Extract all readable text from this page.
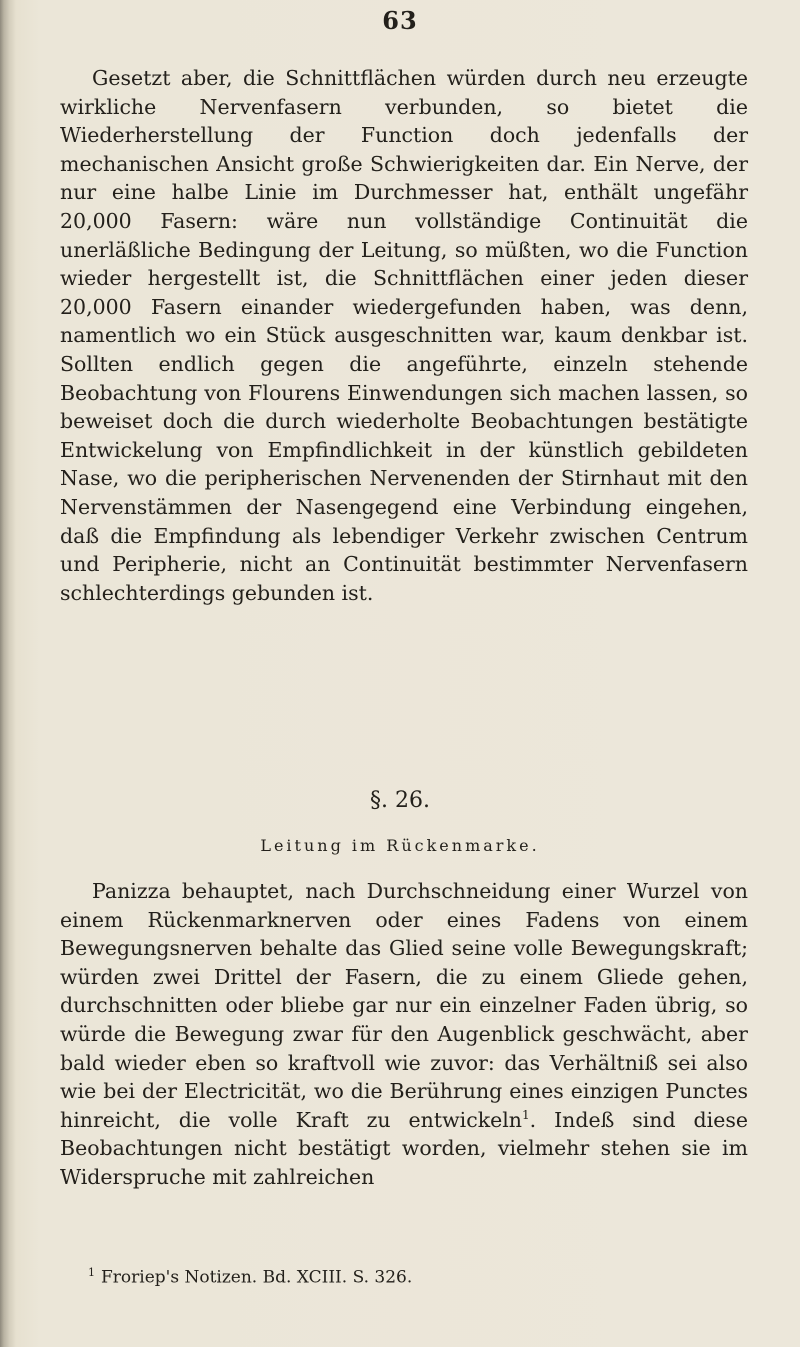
63

Gesetzt aber, die Schnittflächen würden durch neu erzeugte wirkliche Nervenfasern verbunden, so bietet die Wiederherstellung der Function doch jedenfalls der mechanischen Ansicht große Schwierigkeiten dar. Ein Nerve, der nur eine halbe Linie im Durchmesser hat, enthält ungefähr 20,000 Fasern: wäre nun vollständige Continuität die unerläßliche Bedingung der Leitung, so müßten, wo die Function wieder hergestellt ist, die Schnittflächen einer jeden dieser 20,000 Fasern einander wiedergefunden haben, was denn, namentlich wo ein Stück ausgeschnitten war, kaum denkbar ist. Sollten endlich gegen die angeführte, einzeln stehende Beobachtung von Flourens Einwendungen sich machen lassen, so beweiset doch die durch wiederholte Beobachtungen bestätigte Entwickelung von Empfindlichkeit in der künstlich gebildeten Nase, wo die peripherischen Nervenenden der Stirnhaut mit den Nervenstämmen der Nasengegend eine Verbindung eingehen, daß die Empfindung als lebendiger Verkehr zwischen Centrum und Peripherie, nicht an Continuität bestimmter Nervenfasern schlechterdings gebunden ist.

§. 26.
Leitung im Rückenmarke.

Panizza behauptet, nach Durchschneidung einer Wurzel von einem Rückenmarknerven oder eines Fadens von einem Bewegungsnerven behalte das Glied seine volle Bewegungskraft; würden zwei Drittel der Fasern, die zu einem Gliede gehen, durchschnitten oder bliebe gar nur ein einzelner Faden übrig, so würde die Bewegung zwar für den Augenblick geschwächt, aber bald wieder eben so kraftvoll wie zuvor: das Verhältniß sei also wie bei der Electricität, wo die Berührung eines einzigen Punctes hinreicht, die volle Kraft zu entwickeln$^1$. Indeß sind diese Beobachtungen nicht bestätigt worden, vielmehr stehen sie im Widerspruche mit zahlreichen

$^1$ Froriep's Notizen. Bd. XCIII. S. 326.
